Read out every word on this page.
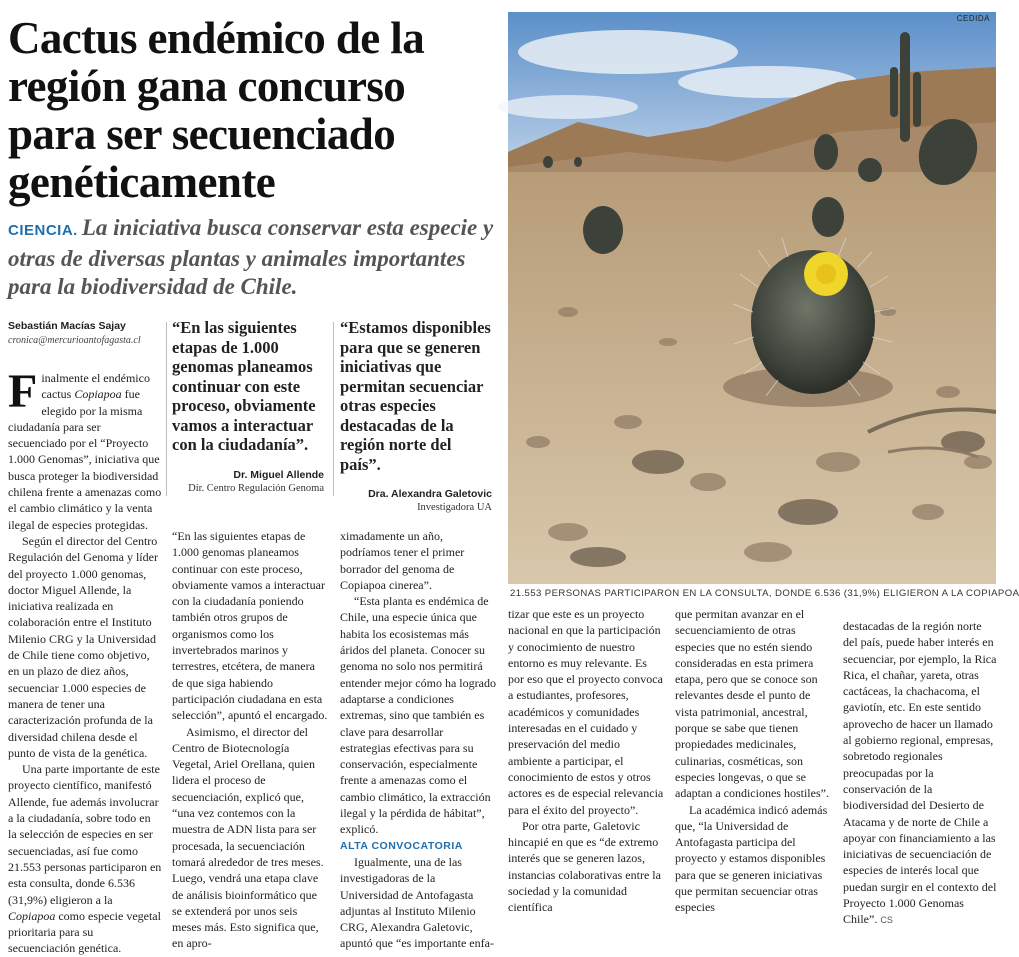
Cactus endémico de la región gana concurso para ser secuenciado genéticamente
CIENCIA. La iniciativa busca conservar esta especie y otras de diversas plantas y animales importantes para la biodiversidad de Chile.
CEDIDA
21.553 PERSONAS PARTICIPARON EN LA CONSULTA, DONDE 6.536 (31,9%) ELIGIERON A LA COPIAPOA
Sebastián Macías Sajay
cronica@mercurioantofagasta.cl
“En las siguientes etapas de 1.000 genomas planeamos continuar con este proceso, obviamente vamos a interactuar con la ciudadanía”.
Dr. Miguel Allende
Dir. Centro Regulación Genoma
“Estamos disponibles para que se generen iniciativas que permitan secuenciar otras especies destacadas de la región norte del país”.
Dra. Alexandra Galetovic
Investigadora UA

Finalmente el endémico cactus Copiapoa fue elegido por la misma ciudadanía para ser secuenciado por el “Proyecto 1.000 Genomas”, iniciativa que busca proteger la biodiversidad chilena frente a amenazas como el cambio climático y la venta ilegal de especies protegidas.

Según el director del Centro Regulación del Genoma y líder del proyecto 1.000 genomas, doctor Miguel Allende, la iniciativa realizada en colaboración entre el Instituto Milenio CRG y la Universidad de Chile tiene como objetivo, en un plazo de diez años, secuenciar 1.000 especies de manera de tener una caracterización profunda de la diversidad chilena desde el punto de vista de la genética.

Una parte importante de este proyecto científico, manifestó Allende, fue además involucrar a la ciudadanía, sobre todo en la selección de especies en ser secuenciadas, así fue como 21.553 personas participaron en esta consulta, donde 6.536 (31,9%) eligieron a la Copiapoa como especie vegetal prioritaria para su secuenciación genética.

“En las siguientes etapas de 1.000 genomas planeamos continuar con este proceso, obviamente vamos a interactuar con la ciudadanía poniendo también otros grupos de organismos como los invertebrados marinos y terrestres, etcétera, de manera de que siga habiendo participación ciudadana en esta selección”, apuntó el encargado.

Asimismo, el director del Centro de Biotecnología Vegetal, Ariel Orellana, quien lidera el proceso de secuenciación, explicó que, “una vez contemos con la muestra de ADN lista para ser procesada, la secuenciación tomará alrededor de tres meses. Luego, vendrá una etapa clave de análisis bioinformático que se extenderá por unos seis meses más. Esto significa que, en apro-

ximadamente un año, podríamos tener el primer borrador del genoma de Copiapoa cinerea”.

“Esta planta es endémica de Chile, una especie única que habita los ecosistemas más áridos del planeta. Conocer su genoma no solo nos permitirá entender mejor cómo ha logrado adaptarse a condiciones extremas, sino que también es clave para desarrollar estrategias efectivas para su conservación, especialmente frente a amenazas como el cambio climático, la extracción ilegal y la pérdida de hábitat”, explicó.

ALTA CONVOCATORIA

Igualmente, una de las investigadoras de la Universidad de Antofagasta adjuntas al Instituto Milenio CRG, Alexandra Galetovic, apuntó que “es importante enfa-

tizar que este es un proyecto nacional en que la participación y conocimiento de nuestro entorno es muy relevante. Es por eso que el proyecto convoca a estudiantes, profesores, académicos y comunidades interesadas en el cuidado y preservación del medio ambiente a participar, el conocimiento de estos y otros actores es de especial relevancia para el éxito del proyecto”.

Por otra parte, Galetovic hincapié en que es “de extremo interés que se generen lazos, instancias colaborativas entre la sociedad y la comunidad científica

que permitan avanzar en el secuenciamiento de otras especies que no estén siendo consideradas en esta primera etapa, pero que se conoce son relevantes desde el punto de vista patrimonial, ancestral, porque se sabe que tienen propiedades medicinales, culinarias, cosméticas, son especies longevas, o que se adaptan a condiciones hostiles”.

La académica indicó además que, “la Universidad de Antofagasta participa del proyecto y estamos disponibles para que se generen iniciativas que permitan secuenciar otras especies

destacadas de la región norte del país, puede haber interés en secuenciar, por ejemplo, la Rica Rica, el chañar, yareta, otras cactáceas, la chachacoma, el gaviotín, etc. En este sentido aprovecho de hacer un llamado al gobierno regional, empresas, sobretodo regionales preocupadas por la conservación de la biodiversidad del Desierto de Atacama y de norte de Chile a apoyar con financiamiento a las iniciativas de secuenciación de especies de interés local que puedan surgir en el contexto del Proyecto 1.000 Genomas Chile”. CS
